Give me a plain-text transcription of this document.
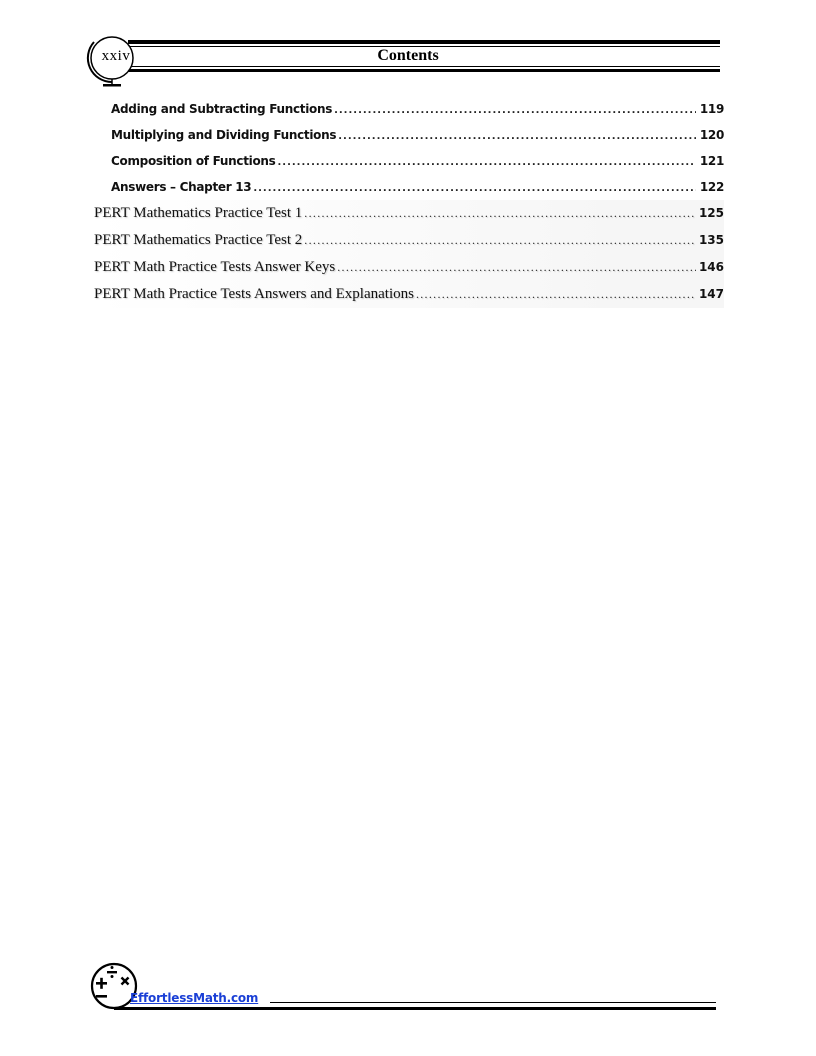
xxiv	Contents
Adding and Subtracting Functions .....	119
Multiplying and Dividing Functions .....	120
Composition of Functions .....	121
Answers – Chapter 13 .....	122
PERT Mathematics Practice Test 1 .....	125
PERT Mathematics Practice Test 2 .....	135
PERT Math Practice Tests Answer Keys .....	146
PERT Math Practice Tests Answers and Explanations .....	147
EffortlessMath.com
